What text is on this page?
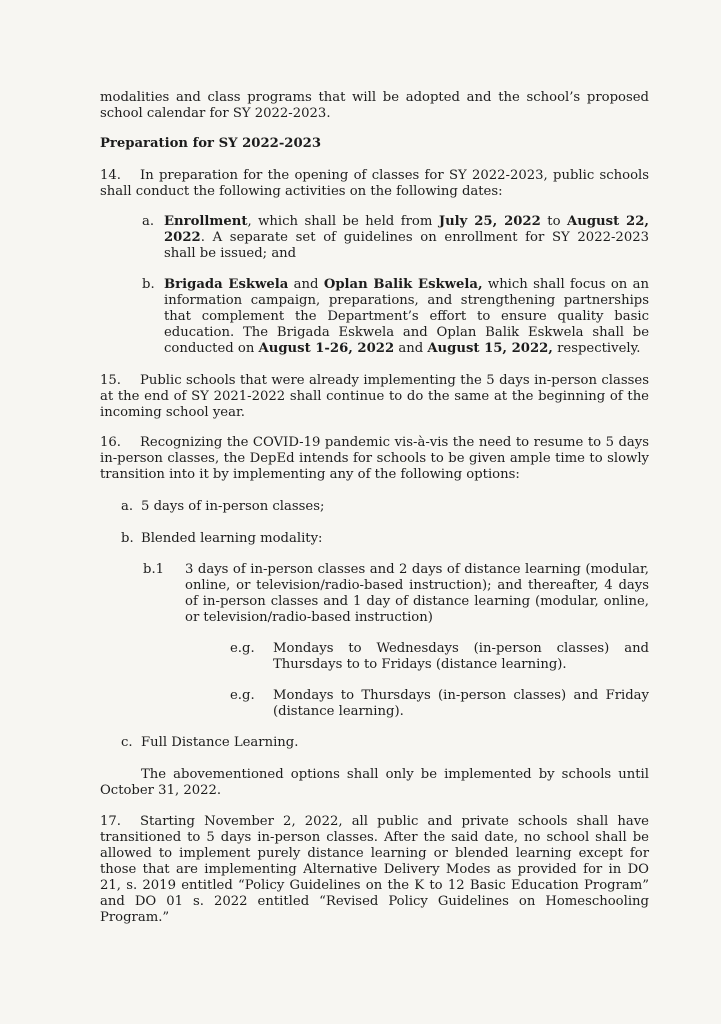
modalities and class programs that will be adopted and the school’s proposed school calendar for SY 2022-2023.

Preparation for SY 2022-2023

14. In preparation for the opening of classes for SY 2022-2023, public schools shall conduct the following activities on the following dates:

a. Enrollment, which shall be held from July 25, 2022 to August 22, 2022. A separate set of guidelines on enrollment for SY 2022-2023 shall be issued; and
b. Brigada Eskwela and Oplan Balik Eskwela, which shall focus on an information campaign, preparations, and strengthening partnerships that complement the Department’s effort to ensure quality basic education. The Brigada Eskwela and Oplan Balik Eskwela shall be conducted on August 1-26, 2022 and August 15, 2022, respectively.

15. Public schools that were already implementing the 5 days in-person classes at the end of SY 2021-2022 shall continue to do the same at the beginning of the incoming school year.

16. Recognizing the COVID-19 pandemic vis-à-vis the need to resume to 5 days in-person classes, the DepEd intends for schools to be given ample time to slowly transition into it by implementing any of the following options:

a. 5 days of in-person classes;
b. Blended learning modality:
b.1 3 days of in-person classes and 2 days of distance learning (modular, online, or television/radio-based instruction); and thereafter, 4 days of in-person classes and 1 day of distance learning (modular, online, or television/radio-based instruction)
e.g. Mondays to Wednesdays (in-person classes) and Thursdays to to Fridays (distance learning).
e.g. Mondays to Thursdays (in-person classes) and Friday (distance learning).
c. Full Distance Learning.

The abovementioned options shall only be implemented by schools until October 31, 2022.

17. Starting November 2, 2022, all public and private schools shall have transitioned to 5 days in-person classes. After the said date, no school shall be allowed to implement purely distance learning or blended learning except for those that are implementing Alternative Delivery Modes as provided for in DO 21, s. 2019 entitled “Policy Guidelines on the K to 12 Basic Education Program” and DO 01 s. 2022 entitled “Revised Policy Guidelines on Homeschooling Program.”
